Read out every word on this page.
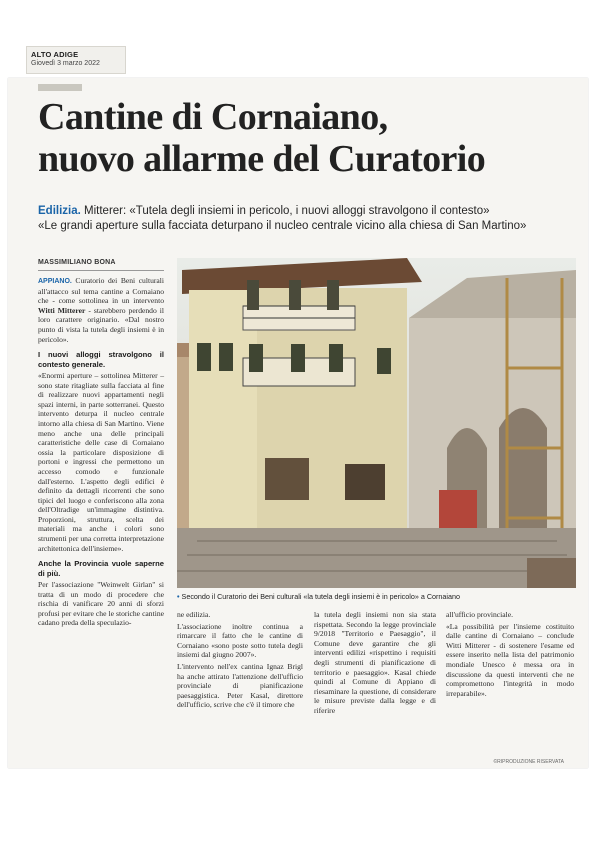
ALTO ADIGE
Giovedì 3 marzo 2022
Cantine di Cornaiano,
nuovo allarme del Curatorio
Edilizia. Mitterer: «Tutela degli insiemi in pericolo, i nuovi alloggi stravolgono il contesto»
«Le grandi aperture sulla facciata deturpano il nucleo centrale vicino alla chiesa di San Martino»
MASSIMILIANO BONA

APPIANO. Curatorio dei Beni culturali all'attacco sul tema cantine a Cornaiano che - come sottolinea in un intervento Witti Mitterer - starebbero perdendo il loro carattere originario. «Dal nostro punto di vista la tutela degli insiemi è in pericolo».

I nuovi alloggi stravolgono il contesto generale.

«Enormi aperture – sottolinea Mitterer – sono state ritagliate sulla facciata al fine di realizzare nuovi appartamenti negli spazi interni, in parte sotterranei. Questo intervento deturpa il nucleo centrale intorno alla chiesa di San Martino. Viene meno anche una delle principali caratteristiche delle case di Cornaiano ossia la particolare disposizione di portoni e ingressi che permettono un accesso comodo e funzionale dall'esterno. L'aspetto degli edifici è definito da dettagli ricorrenti che sono tipici del luogo e conferiscono alla zona dell'Oltradige un'immagine distintiva. Proporzioni, struttura, scelta dei materiali ma anche i colori sono strumenti per una corretta interpretazione architettonica dell'insieme».

Anche la Provincia vuole saperne di più.

Per l'associazione "Weinwelt Girlan" si tratta di un modo di procedere che rischia di vanificare 20 anni di sforzi profusi per evitare che le storiche cantine cadano preda della speculazio-

• Secondo il Curatorio dei Beni culturali «la tutela degli insiemi è in pericolo» a Cornaiano

ne edilizia.

L'associazione inoltre continua a rimarcare il fatto che le cantine di Cornaiano «sono poste sotto tutela degli insiemi dal giugno 2007».

L'intervento nell'ex cantina Ignaz Brigl ha anche attirato l'attenzione dell'ufficio provinciale di pianificazione paesaggistica. Peter Kasal, direttore dell'ufficio, scrive che c'è il timore che

la tutela degli insiemi non sia stata rispettata. Secondo la legge provinciale 9/2018 "Territorio e Paesaggio", il Comune deve garantire che gli interventi edilizi «rispettino i requisiti degli strumenti di pianificazione di territorio e paesaggio». Kasal chiede quindi al Comune di Appiano di riesaminare la questione, di considerare le misure previste dalla legge e di riferire

all'ufficio provinciale.

«La possibilità per l'insieme costituito dalle cantine di Cornaiano – conclude Witti Mitterer - di sostenere l'esame ed essere inserito nella lista del patrimonio mondiale Unesco è messa ora in discussione da questi interventi che ne compromettono l'integrità in modo irreparabile».

©RIPRODUZIONE RISERVATA
